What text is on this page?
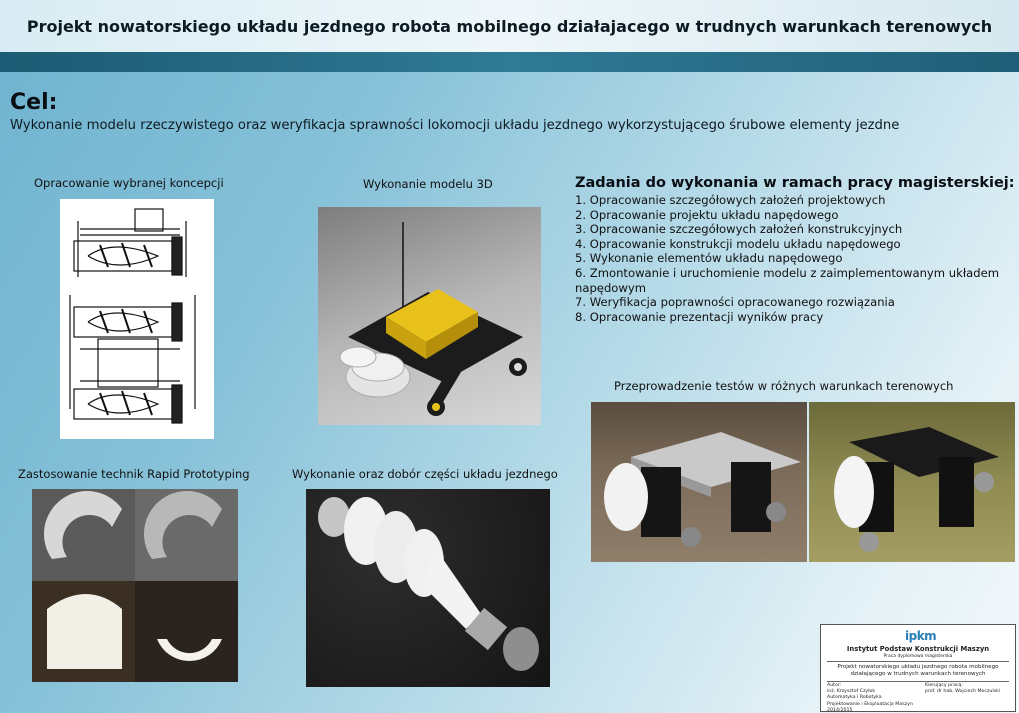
Projekt nowatorskiego układu jezdnego robota mobilnego działajacego w trudnych warunkach terenowych
Cel:
Wykonanie modelu rzeczywistego oraz weryfikacja sprawności lokomocji układu jezdnego wykorzystującego śrubowe elementy jezdne
Opracowanie wybranej koncepcji	Wykonanie modelu 3D	Zadania do wykonania w ramach pracy magisterskiej:
1. Opracowanie szczegółowych założeń projektowych
2. Opracowanie projektu układu napędowego
3. Opracowanie szczegółowych założeń konstrukcyjnych
4. Opracowanie konstrukcji modelu układu napędowego
5. Wykonanie elementów układu napędowego
6. Zmontowanie i uruchomienie modelu z zaimplementowanym układem napędowym
7. Weryfikacja poprawności opracowanego rozwiązania
8. Opracowanie prezentacji wyników pracy
Przeprowadzenie testów w różnych warunkach terenowych
Zastosowanie technik Rapid Prototyping	Wykonanie oraz dobór części układu jezdnego
ipkm
Instytut Podstaw Konstrukcji Maszyn
Praca dyplomowa magisterska
Projekt nowatorskiego układu jezdnego robota mobilnego działającego w trudnych warunkach terenowych
Autor:
inż. Krzysztof Czyłok
Automatyka i Robotyka
Projektowanie i Eksploatacja Maszyn
2014/2015
Kierujący pracą:
prof. dr hab. Wojciech Moczulski
